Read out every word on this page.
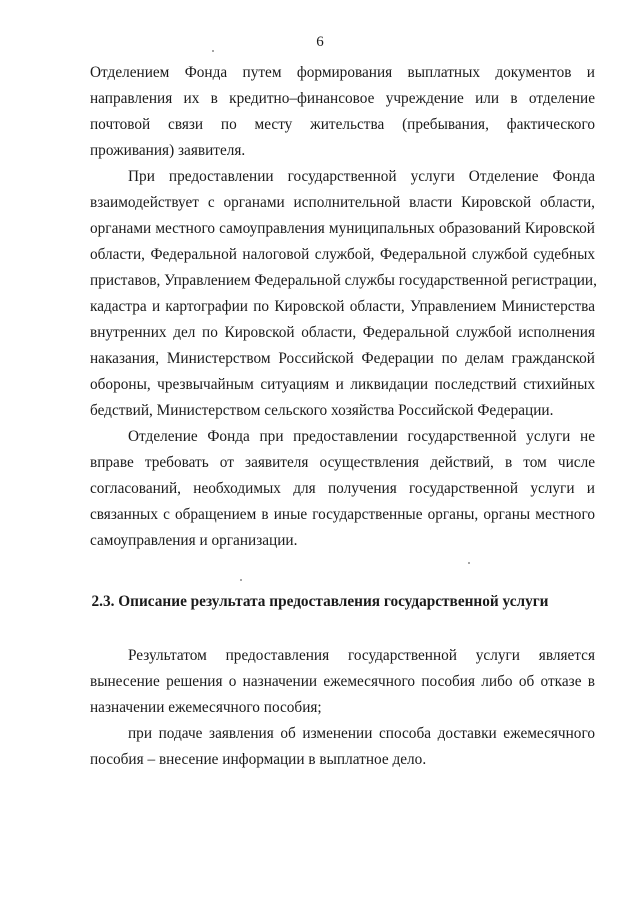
6
Отделением Фонда путем формирования выплатных документов и
направления их в кредитно–финансовое учреждение или в отделение
почтовой связи по месту жительства (пребывания, фактического
проживания) заявителя.
При предоставлении государственной услуги Отделение Фонда
взаимодействует с органами исполнительной власти Кировской области,
органами местного самоуправления муниципальных образований Кировской
области, Федеральной налоговой службой, Федеральной службой судебных
приставов, Управлением Федеральной службы государственной регистрации,
кадастра и картографии по Кировской области, Управлением Министерства
внутренних дел по Кировской области, Федеральной службой исполнения
наказания, Министерством Российской Федерации по делам гражданской
обороны, чрезвычайным ситуациям и ликвидации последствий стихийных
бедствий, Министерством сельского хозяйства Российской Федерации.
Отделение Фонда при предоставлении государственной услуги не
вправе требовать от заявителя осуществления действий, в том числе
согласований, необходимых для получения государственной услуги и
связанных с обращением в иные государственные органы, органы местного
самоуправления и организации.
2.3. Описание результата предоставления государственной услуги
Результатом предоставления государственной услуги является
вынесение решения о назначении ежемесячного пособия либо об отказе в
назначении ежемесячного пособия;
при подаче заявления об изменении способа доставки ежемесячного
пособия – внесение информации в выплатное дело.
